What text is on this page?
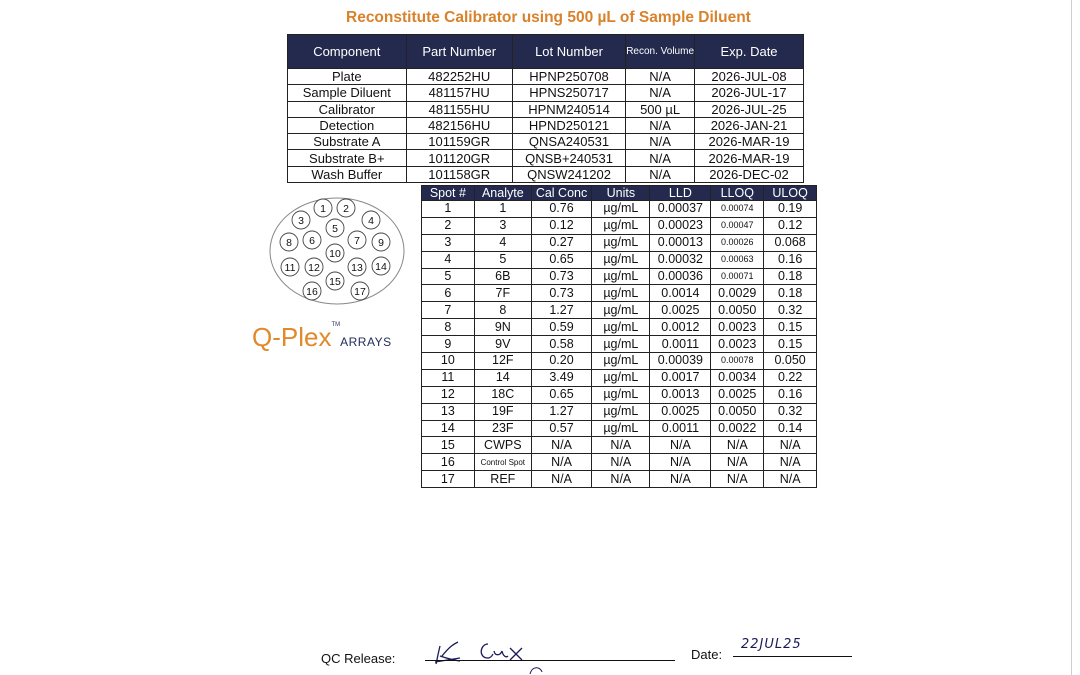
Reconstitute Calibrator using 500 µL of Sample Diluent
Component	Part Number	Lot Number	Recon. Volume	Exp. Date
Plate	482252HU	HPNP250708	N/A	2026-JUL-08
Sample Diluent	481157HU	HPNS250717	N/A	2026-JUL-17
Calibrator	481155HU	HPNM240514	500 µL	2026-JUL-25
Detection	482156HU	HPND250121	N/A	2026-JAN-21
Substrate A	101159GR	QNSA240531	N/A	2026-MAR-19
Substrate B+	101120GR	QNSB+240531	N/A	2026-MAR-19
Wash Buffer	101158GR	QNSW241202	N/A	2026-DEC-02
Spot #	Analyte	Cal Conc	Units	LLD	LLOQ	ULOQ
1	1	0.76	µg/mL	0.00037	0.00074	0.19
2	3	0.12	µg/mL	0.00023	0.00047	0.12
3	4	0.27	µg/mL	0.00013	0.00026	0.068
4	5	0.65	µg/mL	0.00032	0.00063	0.16
5	6B	0.73	µg/mL	0.00036	0.00071	0.18
6	7F	0.73	µg/mL	0.0014	0.0029	0.18
7	8	1.27	µg/mL	0.0025	0.0050	0.32
8	9N	0.59	µg/mL	0.0012	0.0023	0.15
9	9V	0.58	µg/mL	0.0011	0.0023	0.15
10	12F	0.20	µg/mL	0.00039	0.00078	0.050
11	14	3.49	µg/mL	0.0017	0.0034	0.22
12	18C	0.65	µg/mL	0.0013	0.0025	0.16
13	19F	1.27	µg/mL	0.0025	0.0050	0.32
14	23F	0.57	µg/mL	0.0011	0.0022	0.14
15	CWPS	N/A	N/A	N/A	N/A	N/A
16	Control Spot	N/A	N/A	N/A	N/A	N/A
17	REF	N/A	N/A	N/A	N/A	N/A
1 2
3	4
5
6	7
8	9
10
11 12	13 14
15
16	17
Q-Plex™ARRAYS
QC Release:	Date:
22JUL25
